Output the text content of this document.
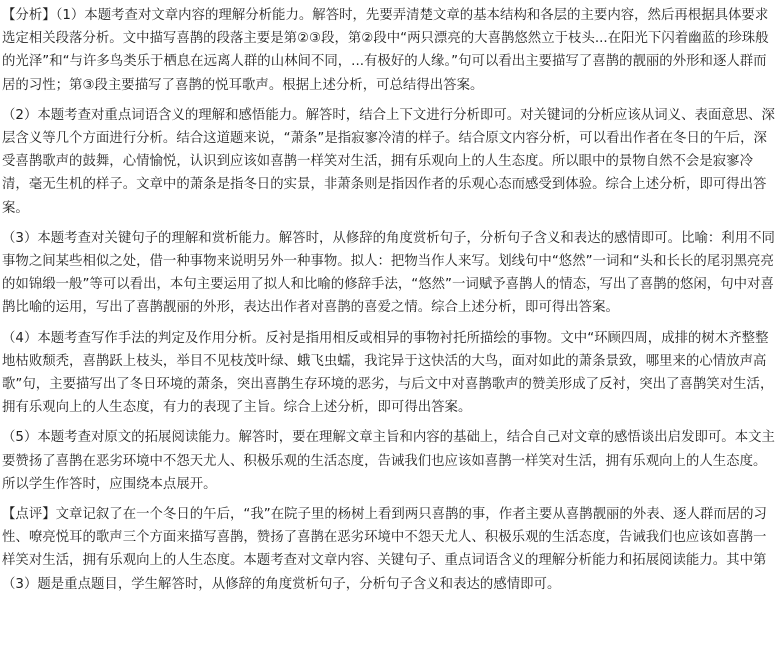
【分析】（1）本题考查对文章内容的理解分析能力。解答时，先要弄清楚文章的基本结构和各层的主要内容，然后再根据具体要求选定相关段落分析。文中描写喜鹊的段落主要是第②③段，第②段中“两只漂亮的大喜鹊悠然立于枝头...在阳光下闪着幽蓝的珍珠般的光泽”和“与许多鸟类乐于栖息在远离人群的山林间不同，...有极好的人缘。”句可以看出主要描写了喜鹊的靓丽的外形和逐人群而居的习性；第③段主要描写了喜鹊的悦耳歌声。根据上述分析，可总结得出答案。

（2）本题考查对重点词语含义的理解和感悟能力。解答时，结合上下文进行分析即可。对关键词的分析应该从词义、表面意思、深层含义等几个方面进行分析。结合这道题来说，“萧条”是指寂寥冷清的样子。结合原文内容分析，可以看出作者在冬日的午后，深受喜鹊歌声的鼓舞，心情愉悦，认识到应该如喜鹊一样笑对生活，拥有乐观向上的人生态度。所以眼中的景物自然不会是寂寥冷清，毫无生机的样子。文章中的萧条是指冬日的实景，非萧条则是指因作者的乐观心态而感受到体验。综合上述分析，即可得出答案。

（3）本题考查对关键句子的理解和赏析能力。解答时，从修辞的角度赏析句子，分析句子含义和表达的感情即可。比喻：利用不同事物之间某些相似之处，借一种事物来说明另外一种事物。拟人：把物当作人来写。划线句中“悠然”一词和“头和长长的尾羽黑亮亮的如锦缎一般”等可以看出，本句主要运用了拟人和比喻的修辞手法，“悠然”一词赋予喜鹊人的情态，写出了喜鹊的悠闲，句中对喜鹊比喻的运用，写出了喜鹊靓丽的外形，表达出作者对喜鹊的喜爱之情。综合上述分析，即可得出答案。

（4）本题考查写作手法的判定及作用分析。反衬是指用相反或相异的事物衬托所描绘的事物。文中“环顾四周，成排的树木齐整整地枯败颓秃，喜鹊跃上枝头，举目不见枝茂叶绿、蛾飞虫蠕，我诧异于这快活的大鸟，面对如此的萧条景致，哪里来的心情放声高歌”句，主要描写出了冬日环境的萧条，突出喜鹊生存环境的恶劣，与后文中对喜鹊歌声的赞美形成了反衬，突出了喜鹊笑对生活，拥有乐观向上的人生态度，有力的表现了主旨。综合上述分析，即可得出答案。

（5）本题考查对原文的拓展阅读能力。解答时，要在理解文章主旨和内容的基础上，结合自己对文章的感悟谈出启发即可。本文主要赞扬了喜鹊在恶劣环境中不怨天尤人、积极乐观的生活态度，告诫我们也应该如喜鹊一样笑对生活，拥有乐观向上的人生态度。所以学生作答时，应围绕本点展开。

【点评】文章记叙了在一个冬日的午后，“我”在院子里的杨树上看到两只喜鹊的事，作者主要从喜鹊靓丽的外表、逐人群而居的习性、嘹亮悦耳的歌声三个方面来描写喜鹊，赞扬了喜鹊在恶劣环境中不怨天尤人、积极乐观的生活态度，告诫我们也应该如喜鹊一样笑对生活，拥有乐观向上的人生态度。本题考查对文章内容、关键句子、重点词语含义的理解分析能力和拓展阅读能力。其中第（3）题是重点题目，学生解答时，从修辞的角度赏析句子，分析句子含义和表达的感情即可。
